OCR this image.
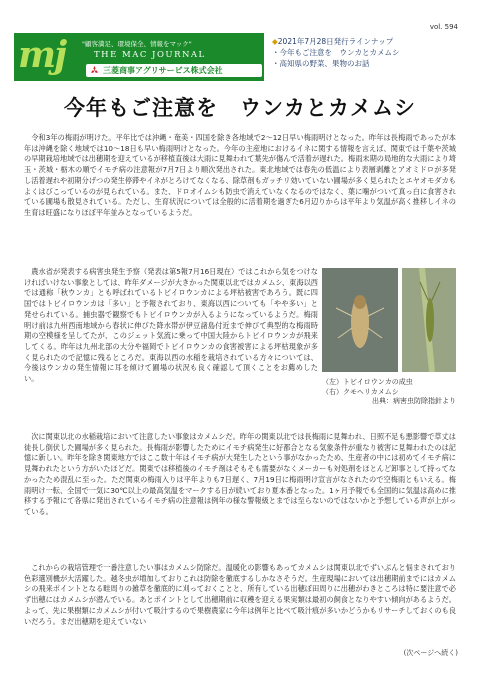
vol. 594
mj	"顧客満足、環境保全、情報をマック"
THE MAC JOURNAL
三菱商事アグリサービス株式会社
◆2021年7月28日発行ラインナップ
・今年もご注意を　ウンカとカメムシ
・高知県の野菜、果物のお話
今年もご注意を　ウンカとカメムシ

令和3年の梅雨が明けた。平年比では沖縄・奄美・四国を除き各地域で2〜12日早い梅雨明けとなった。昨年は長梅雨であったが本年は沖縄を除く地域では10〜18日も早い梅雨明けとなった。今年の主産地におけるイネに関する情報を言えば、関東では千葉や茨城の早期栽培地域では出穂期を迎えているが移植直後は大雨に見舞われて葉先が傷んで活着が遅れた。梅雨末期の局地的な大雨により埼玉・茨城・栃木の順でイモチ病の注意報が7月7日より順次発出された。東北地域では春先の低温により表層剥離とアオミドロが多発し活着遅れや初期分げつの発生停滞やイネがとろけてなくなる、除草剤もガッチリ効いていない圃場が多く見られたとエヤオモダカもよくはびこっているのが見られている。また、ドロオイムシも防虫で消えていなくなるのではなく、葉に噛がついて真っ白に食害されている圃場も散見されている。ただし、生育状況については全般的に活着期を過ぎた6月辺りからは平年より気温が高く推移しイネの生育は旺盛になりほぼ平年並みとなっているようだ。

農水省が発表する病害虫発生予察（発表は第5報7月16日現在）ではこれから気をつけなければいけない事象としては、昨年ダメージが大きかった関東以北ではカメムシ、東海以西では通称「秋ウンカ」とも呼ばれているトビイロウンカによる坪枯被害であろう。既に四国ではトビイロウンカは「多い」と予報されており、東海以西についても「やや多い」と発せられている。捕虫器で観察でもトビイロウンカが入るようになっているようだ。梅雨明け前は九州西南地域から春状に伸びた降水帯が伊豆諸島付近まで伸びて典型的な梅雨時期の空模様を呈してたが、このジェット気流に乗って中国大陸からトビイロウンカが飛来してくる。昨年は九州北部の大分や福岡でトビイロウンカの食害被害による坪枯現象が多く見られたので記憶に残るところだ。東海以西の水稲を栽培されている方々については、今後はウンカの発生情報に耳を傾けて圃場の状況も良く確認して頂くことをお薦めしたい。	（左）トビイロウンカの成虫
（右）クモヘリカメムシ
出典：病害虫防除指針より

次に関東以北の水稲栽培において注意したい事象はカメムシだ。昨年の関東以北では長梅雨に見舞われ、日照不足も悪影響で草丈は徒長し倒伏した圃場が多く見られた。長梅雨が影響したためにイモチ病発生に好都合となる気象条件が重なり被害に見舞われたのは記憶に新しい。昨年を除き関東地方ではここ数十年はイモチ病が大発生したという事がなかったため、生産者の中には初めてイモチ病に見舞われたという方がいたほどだ。関東では移植後のイモチ剤はそもそも需要がなくメーカーも対処剤をほとんど卸事として持ってなかったため混乱に至った。ただ関東の梅雨入りは平年よりも7日遅く、7月19日に梅雨明け宣言がなされたので空梅雨ともいえる。梅雨明け一転、全国で一気に30℃以上の最高気温をマークする日が続いており夏本番となった。1ヶ月予報でも全国的に気温は高めに推移する予報にて各県に発出されているイモチ病の注意報は例年の様な警報級とまでは至らないのではないかと予想している声が上がっている。

これからの栽培管理で一番注意したい事はカメムシ防除だ。温暖化の影響もあってカメムシは関東以北でずいぶんと悩まされており色彩選別機が大活躍した。越冬虫が増加しておりこれは防除を徹底するしかなさそうだ。生産現場においては出穂期前までにはカメムシの飛来ポイントとなる畦周りの雑草を徹底的に刈っておくことと、所有している出穂ぼ田周りに出穂がわきところは特に要注意で必ず出穂にはカメムシが潜んでいる。あとポイントとして出穂期前に収穫を迎える果実類は最初の飼食となりやすい傾向があるようだ。よって、先に果樹類にカメムシが付いて吸汁するので果樹農家に今年は例年と比べて吸汁痕が多いかどうかもリサーチしておくのも良いだろう。まだ出穂期を迎えていない

(次ページへ続く)
